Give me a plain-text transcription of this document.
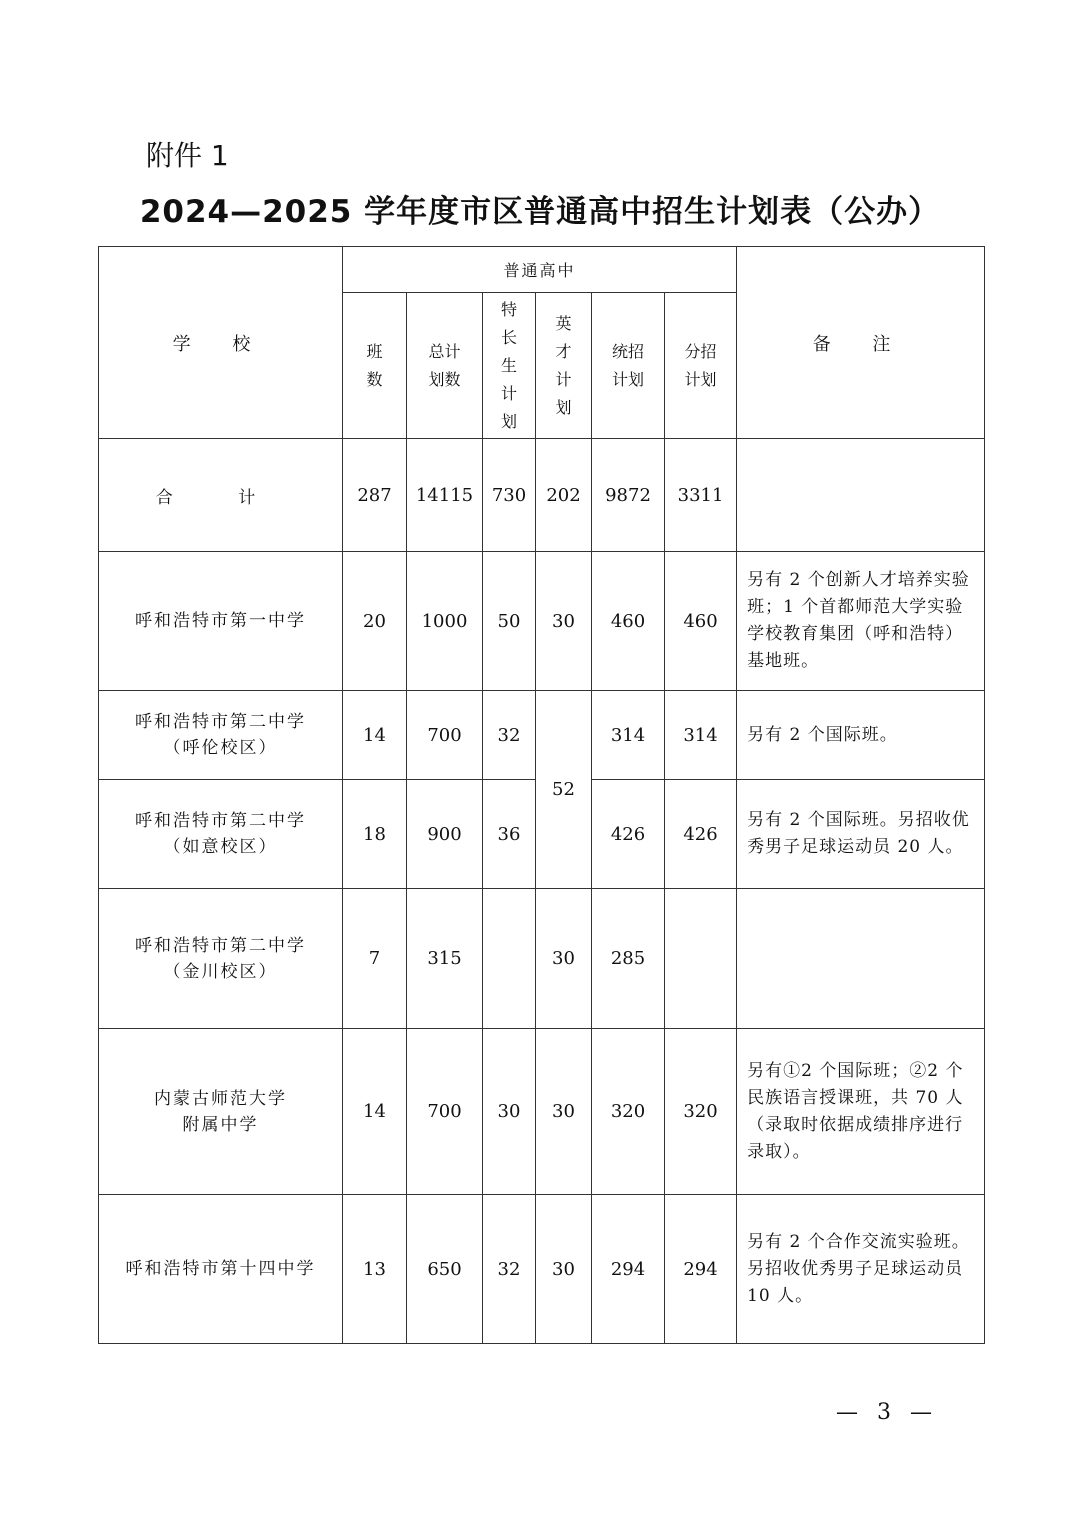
附件 1
2024—2025 学年度市区普通高中招生计划表（公办）
学 校	普通高中						备 注
	班数	总计划数	特长生计划	英才计划	统招计划	分招计划	
合 计	287	14115	730	202	9872	3311	

呼和浩特市第一中学	20	1000	50	30	460	460	另有 2 个创新人才培养实验班；1 个首都师范大学实验学校教育集团（呼和浩特）基地班。

呼和浩特市第二中学
（呼伦校区）	14	700	32	52	314	314	另有 2 个国际班。

呼和浩特市第二中学
（如意校区）	18	900	36		426	426	另有 2 个国际班。另招收优秀男子足球运动员 20 人。

呼和浩特市第二中学
（金川校区）	7	315		30	285		

内蒙古师范大学
附属中学	14	700	30	30	320	320	另有①2 个国际班；②2 个民族语言授课班，共 70 人（录取时依据成绩排序进行录取）。

呼和浩特市第十四中学	13	650	32	30	294	294	另有 2 个合作交流实验班。另招收优秀男子足球运动员 10 人。
— 3 —
